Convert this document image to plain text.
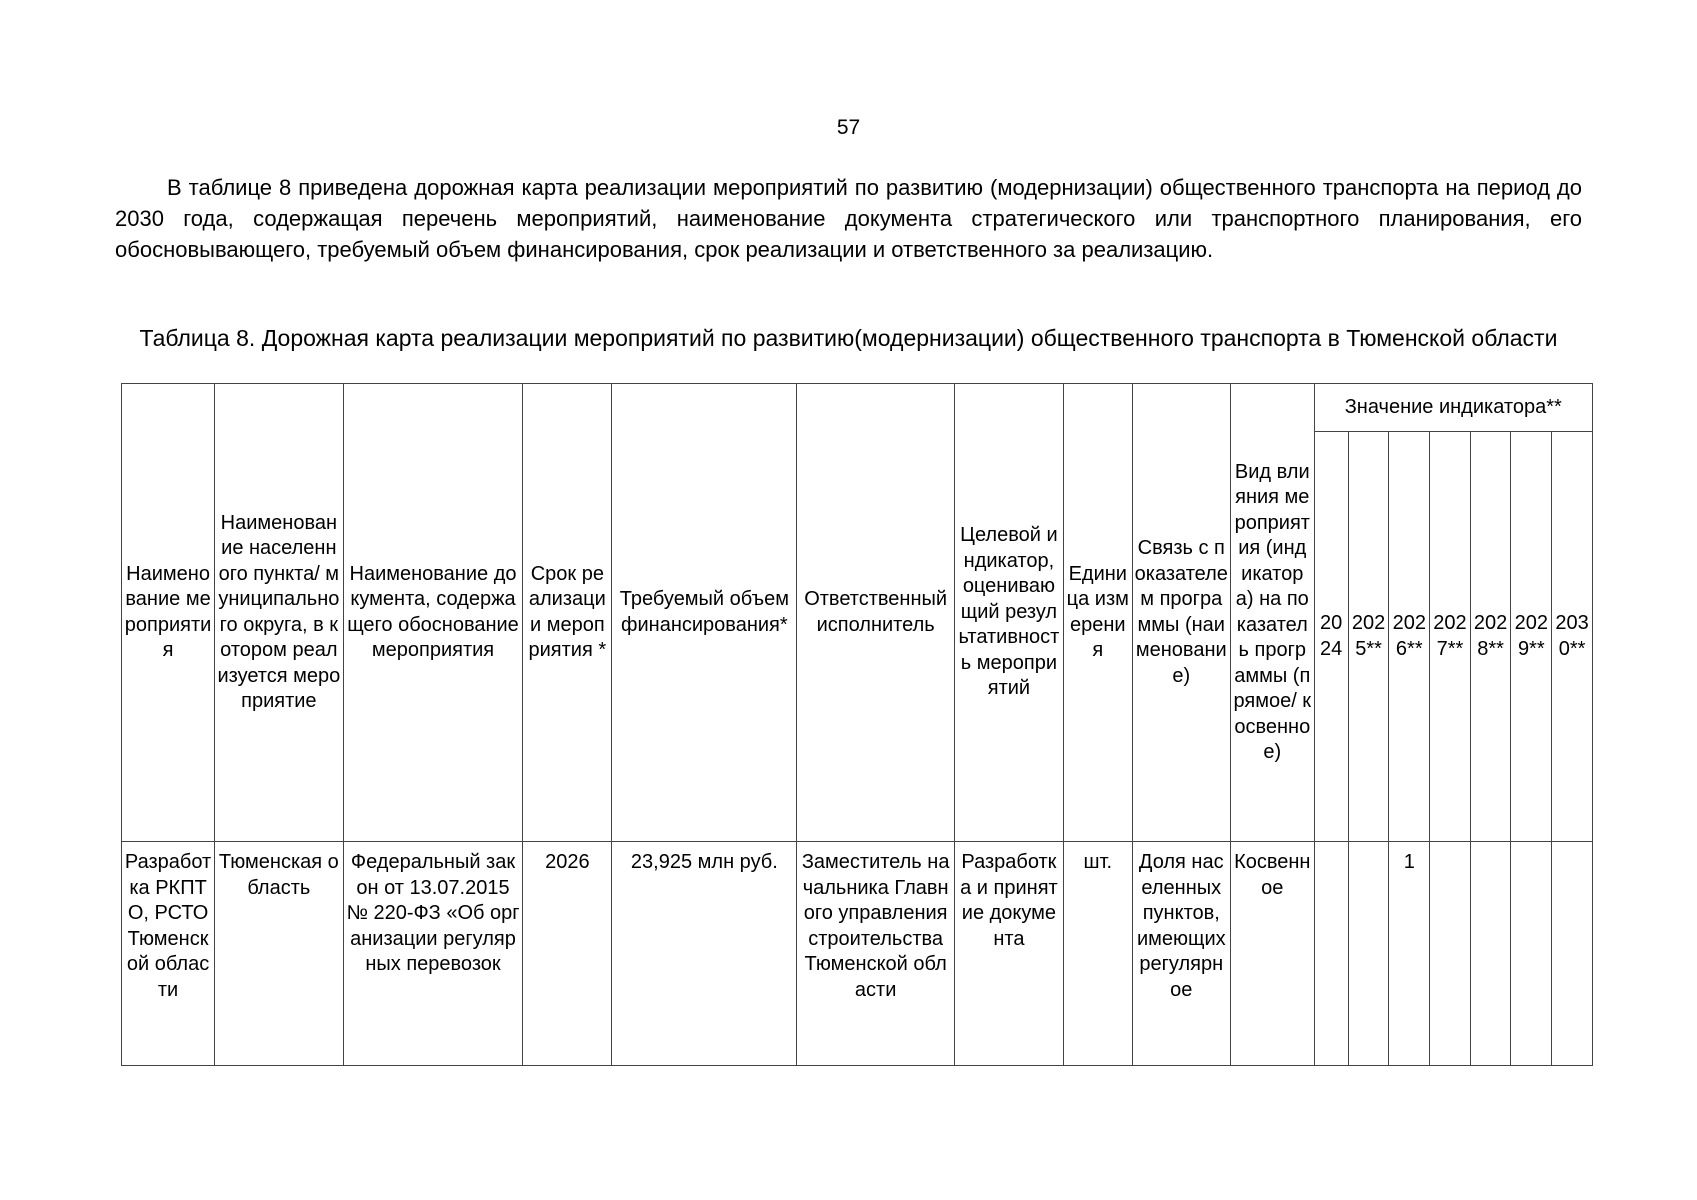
57

В таблице 8 приведена дорожная карта реализации мероприятий по развитию (модернизации) общественного транспорта на период до 2030 года, содержащая перечень мероприятий, наименование документа стратегического или транспортного планирования, его обосновывающего, требуемый объем финансирования, срок реализации и ответственного за реализацию.

Таблица 8. Дорожная карта реализации мероприятий по развитию(модернизации) общественного транспорта в Тюменской области
Наименование мероприятия	Наименование населенного пункта/ муниципального округа, в котором реализуется мероприятие	Наименование документа, содержащего обоснование мероприятия	Срок реализации мероприятия *	Требуемый объем финансирования*	Ответственный исполнитель	Целевой индикатор, оценивающий результативность мероприятий	Единица измерения	Связь с показателем программы (наименование)	Вид влияния мероприятия (индикатора) на показатель программы (прямое/ косвенное)	Значение индикатора**						
										2024	2025**	2026**	2027**	2028**	2029**	2030**
Разработка РКПТО, РСТО Тюменской области	Тюменская область	Федеральный закон от 13.07.2015 № 220-ФЗ «Об организации регулярных перевозок	2026	23,925 млн руб.	Заместитель начальника Главного управления строительства Тюменской области	Разработка и принятие документа	шт.	Доля населенных пунктов, имеющих регулярное	Косвенное			1				
